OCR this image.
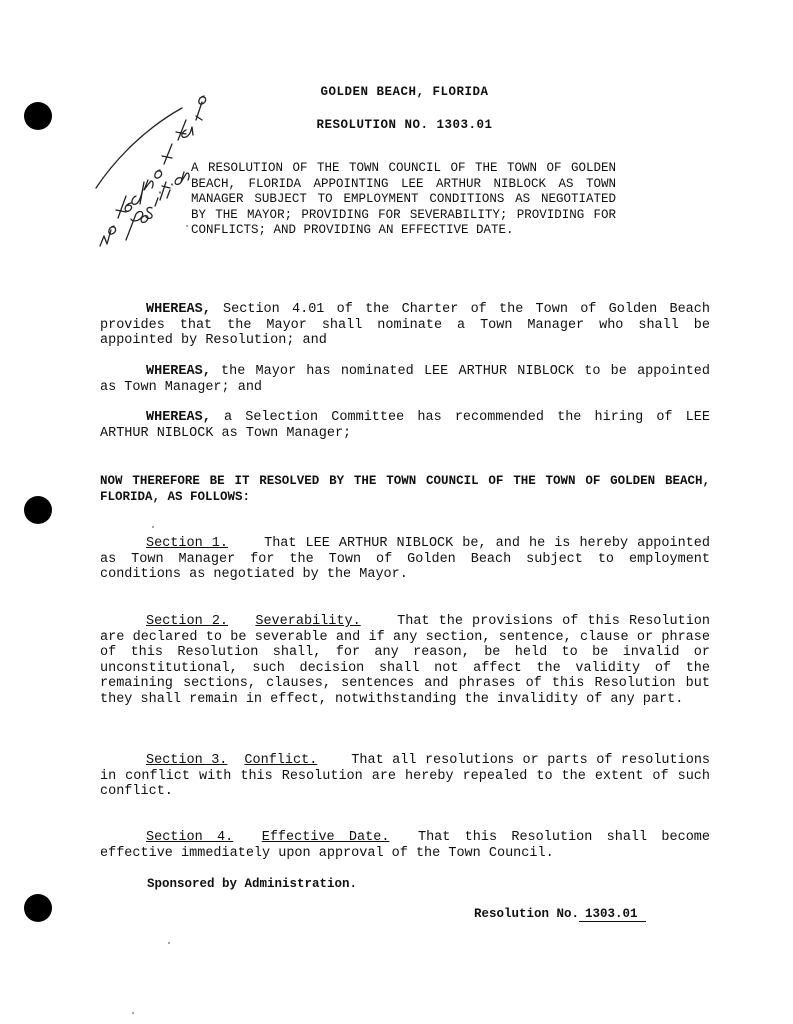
GOLDEN BEACH, FLORIDA
RESOLUTION NO. 1303.01
A RESOLUTION OF THE TOWN COUNCIL OF THE TOWN OF GOLDEN BEACH, FLORIDA APPOINTING LEE ARTHUR NIBLOCK AS TOWN MANAGER SUBJECT TO EMPLOYMENT CONDITIONS AS NEGOTIATED BY THE MAYOR; PROVIDING FOR SEVERABILITY; PROVIDING FOR CONFLICTS; AND PROVIDING AN EFFECTIVE DATE.
WHEREAS, Section 4.01 of the Charter of the Town of Golden Beach provides that the Mayor shall nominate a Town Manager who shall be appointed by Resolution; and
WHEREAS, the Mayor has nominated LEE ARTHUR NIBLOCK to be appointed as Town Manager; and
WHEREAS, a Selection Committee has recommended the hiring of LEE ARTHUR NIBLOCK as Town Manager;
NOW THEREFORE BE IT RESOLVED BY THE TOWN COUNCIL OF THE TOWN OF GOLDEN BEACH, FLORIDA, AS FOLLOWS:
Section 1.	That LEE ARTHUR NIBLOCK be, and he is hereby appointed as Town Manager for the Town of Golden Beach subject to employment conditions as negotiated by the Mayor.
Section 2. Severability.	That the provisions of this Resolution are declared to be severable and if any section, sentence, clause or phrase of this Resolution shall, for any reason, be held to be invalid or unconstitutional, such decision shall not affect the validity of the remaining sections, clauses, sentences and phrases of this Resolution but they shall remain in effect, notwithstanding the invalidity of any part.
Section 3. Conflict.	That all resolutions or parts of resolutions in conflict with this Resolution are hereby repealed to the extent of such conflict.
Section 4. Effective Date. That this Resolution shall become effective immediately upon approval of the Town Council.
Sponsored by Administration.
Resolution No. 1303.01
